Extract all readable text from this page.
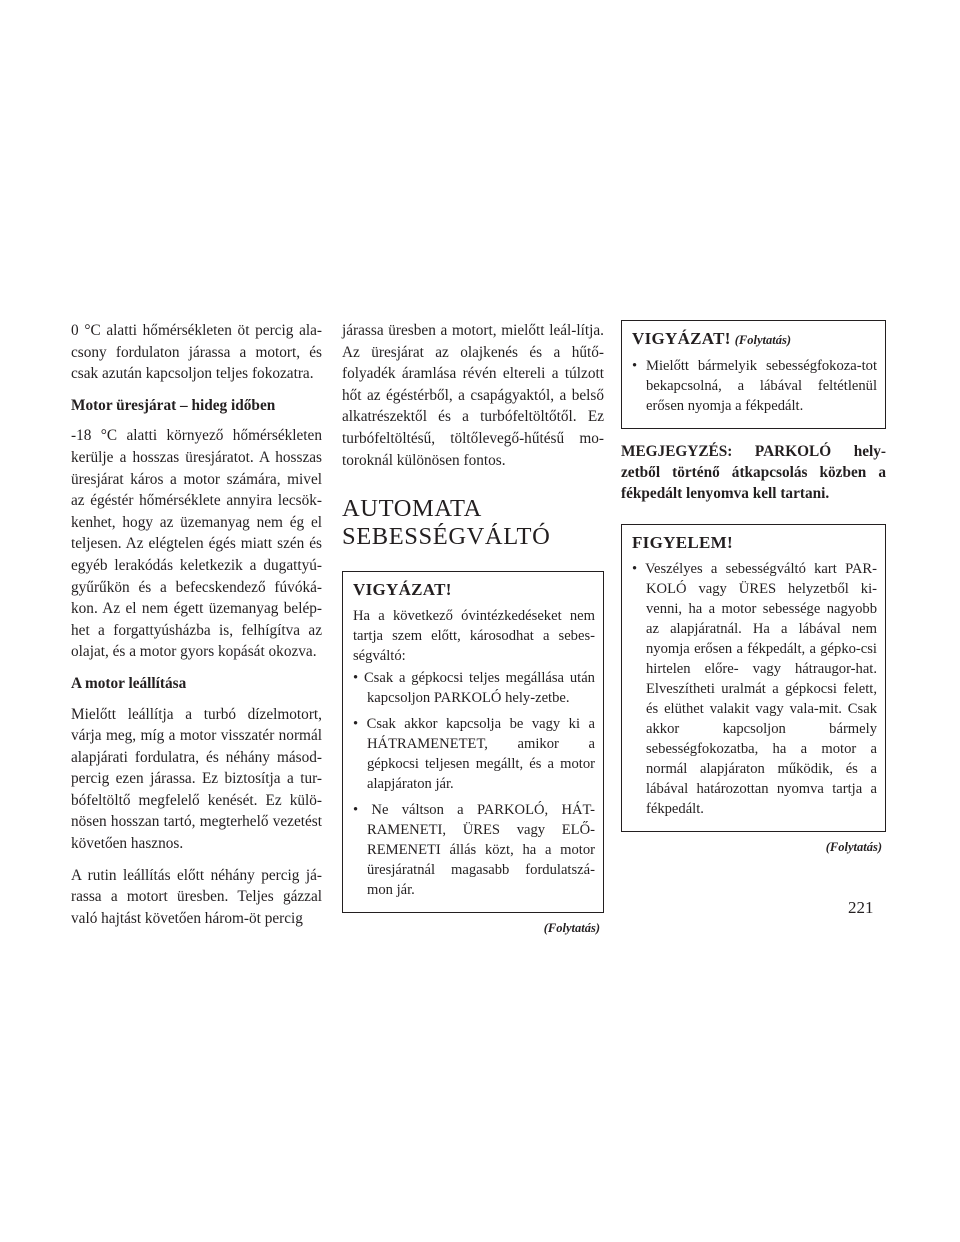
0 °C alatti hőmérsékleten öt percig ala-csony fordulaton járassa a motort, és csak azután kapcsoljon teljes fokozatra.

Motor üresjárat – hideg időben

-18 °C alatti környező hőmérsékleten kerülje a hosszas üresjáratot. A hosszas üresjárat káros a motor számára, mivel az égéstér hőmérséklete annyira lecsök-kenhet, hogy az üzemanyag nem ég el teljesen. Az elégtelen égés miatt szén és egyéb lerakódás keletkezik a dugattyú-gyűrűkön és a befecskendező fúvóká-kon. Az el nem égett üzemanyag belép-het a forgattyúsházba is, felhígítva az olajat, és a motor gyors kopását okozva.

A motor leállítása

Mielőtt leállítja a turbó dízelmotort, várja meg, míg a motor visszatér normál alapjárati fordulatra, és néhány másod-percig ezen járassa. Ez biztosítja a tur-bófeltöltő megfelelő kenését. Ez külö-nösen hosszan tartó, megterhelő vezetést követően hasznos.

A rutin leállítás előtt néhány percig já-rassa a motort üresben. Teljes gázzal való hajtást követően három-öt percig

járassa üresben a motort, mielőtt leál-lítja. Az üresjárat az olajkenés és a hűtő-folyadék áramlása révén eltereli a túlzott hőt az égéstérből, a csapágyaktól, a belső alkatrészektől és a turbófeltöltőtől. Ez turbófeltöltésű, töltőlevegő-hűtésű mo-toroknál különösen fontos.

AUTOMATA
SEBESSÉGVÁLTÓ
VIGYÁZAT!

Ha a következő óvintézkedéseket nem tartja szem előtt, károsodhat a sebes-ségváltó:

• Csak a gépkocsi teljes megállása után kapcsoljon PARKOLÓ hely-zetbe.
• Csak akkor kapcsolja be vagy ki a HÁTRAMENETET, amikor a gépkocsi teljesen megállt, és a motor alapjáraton jár.
• Ne váltson a PARKOLÓ, HÁT-RAMENETI, ÜRES vagy ELŐ-REMENETI állás közt, ha a motor üresjáratnál magasabb fordulatszá-mon jár.
(Folytatás)
VIGYÁZAT! (Folytatás)
• Mielőtt bármelyik sebességfokoza-tot bekapcsolná, a lábával feltétlenül erősen nyomja a fékpedált.
MEGJEGYZÉS: PARKOLÓ hely-zetből történő átkapcsolás közben a fékpedált lenyomva kell tartani.
FIGYELEM!
• Veszélyes a sebességváltó kart PAR-KOLÓ vagy ÜRES helyzetből ki-venni, ha a motor sebessége nagyobb az alapjáratnál. Ha a lábával nem nyomja erősen a fékpedált, a gépko-csi hirtelen előre- vagy hátraugor-hat. Elveszítheti uralmát a gépkocsi felett, és elüthet valakit vagy vala-mit. Csak akkor kapcsoljon bármely sebességfokozatba, ha a motor a normál alapjáraton működik, és a lábával határozottan nyomva tartja a fékpedált.
(Folytatás)
221
